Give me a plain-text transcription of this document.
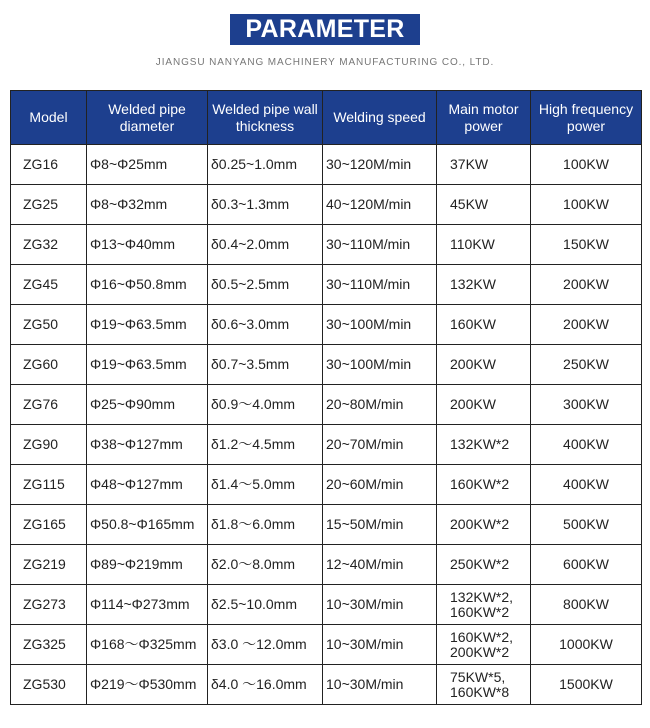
PARAMETER
JIANGSU NANYANG MACHINERY MANUFACTURING CO., LTD.
Model	Welded pipe diameter	Welded pipe wall thickness	Welding speed	Main motor power	High frequency power
ZG16	Φ8~Φ25mm	δ0.25~1.0mm	30~120M/min	37KW	100KW
ZG25	Φ8~Φ32mm	δ0.3~1.3mm	40~120M/min	45KW	100KW
ZG32	Φ13~Φ40mm	δ0.4~2.0mm	30~110M/min	110KW	150KW
ZG45	Φ16~Φ50.8mm	δ0.5~2.5mm	30~110M/min	132KW	200KW
ZG50	Φ19~Φ63.5mm	δ0.6~3.0mm	30~100M/min	160KW	200KW
ZG60	Φ19~Φ63.5mm	δ0.7~3.5mm	30~100M/min	200KW	250KW
ZG76	Φ25~Φ90mm	δ0.9～4.0mm	20~80M/min	200KW	300KW
ZG90	Φ38~Φ127mm	δ1.2～4.5mm	20~70M/min	132KW*2	400KW
ZG115	Φ48~Φ127mm	δ1.4～5.0mm	20~60M/min	160KW*2	400KW
ZG165	Φ50.8~Φ165mm	δ1.8～6.0mm	15~50M/min	200KW*2	500KW
ZG219	Φ89~Φ219mm	δ2.0～8.0mm	12~40M/min	250KW*2	600KW
ZG273	Φ114~Φ273mm	δ2.5~10.0mm	10~30M/min	132KW*2, 160KW*2	800KW
ZG325	Φ168～Φ325mm	δ3.0 ～12.0mm	10~30M/min	160KW*2, 200KW*2	1000KW
ZG530	Φ219～Φ530mm	δ4.0 ～16.0mm	10~30M/min	75KW*5, 160KW*8	1500KW
